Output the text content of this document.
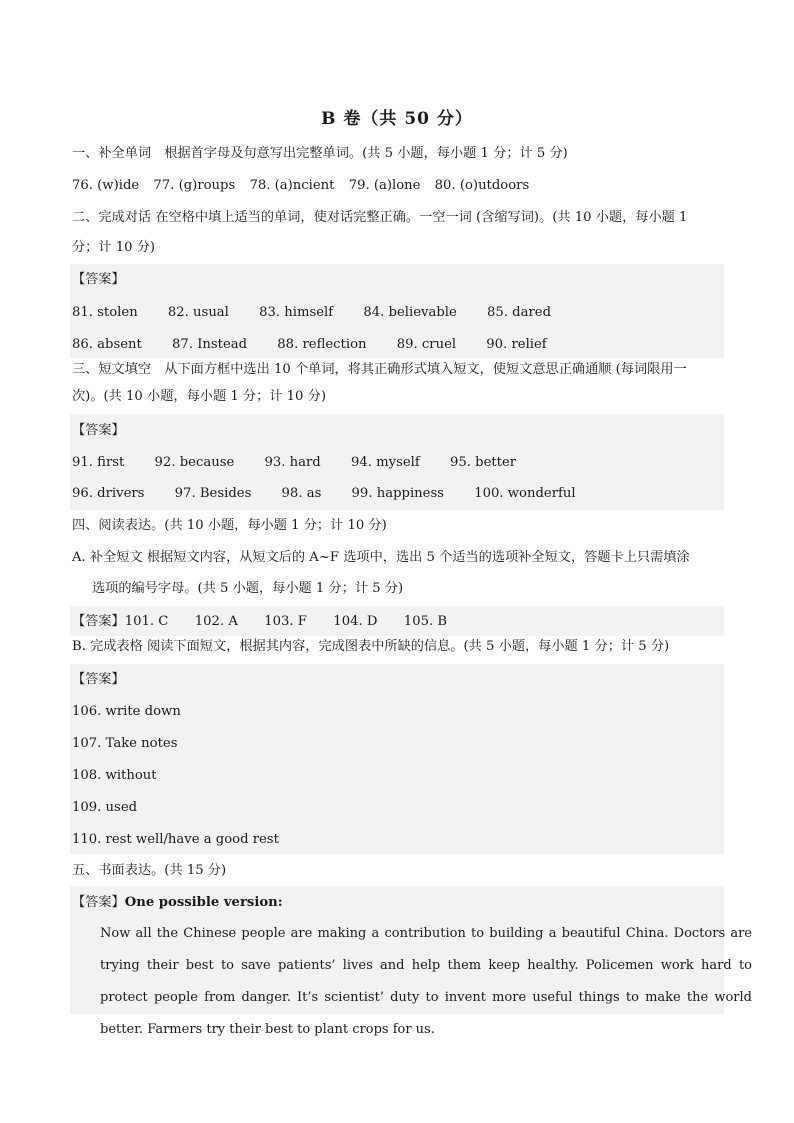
B 卷（共 50 分）
一、补全单词　根据首字母及句意写出完整单词。(共 5 小题，每小题 1 分；计 5 分)
76. (w)ide 77. (g)roups 78. (a)ncient 79. (a)lone 80. (o)utdoors
二、完成对话 在空格中填上适当的单词，使对话完整正确。一空一词 (含缩写词)。(共 10 小题，每小题 1
分；计 10 分)
【答案】
81. stolen 82. usual 83. himself 84. believable 85. dared
86. absent 87. Instead 88. reflection 89. cruel 90. relief
三、短文填空　从下面方框中选出 10 个单词，将其正确形式填入短文，使短文意思正确通顺 (每词限用一
次)。(共 10 小题，每小题 1 分；计 10 分)
【答案】
91. first 92. because 93. hard 94. myself 95. better
96. drivers 97. Besides 98. as 99. happiness 100. wonderful
四、阅读表达。(共 10 小题，每小题 1 分；计 10 分)
A. 补全短文 根据短文内容，从短文后的 A~F 选项中，选出 5 个适当的选项补全短文，答题卡上只需填涂
选项的编号字母。(共 5 小题，每小题 1 分；计 5 分)
【答案】101. C　　102. A　　103. F　　104. D　　105. B
B. 完成表格 阅读下面短文，根据其内容，完成图表中所缺的信息。(共 5 小题，每小题 1 分；计 5 分)
【答案】
106. write down
107. Take notes
108. without
109. used
110. rest well/have a good rest
五、书面表达。(共 15 分)
【答案】One possible version:
Now all the Chinese people are making a contribution to building a beautiful China. Doctors are trying their best to save patients’ lives and help them keep healthy. Policemen work hard to protect people from danger. It’s scientist’ duty to invent more useful things to make the world better. Farmers try their best to plant crops for us.
